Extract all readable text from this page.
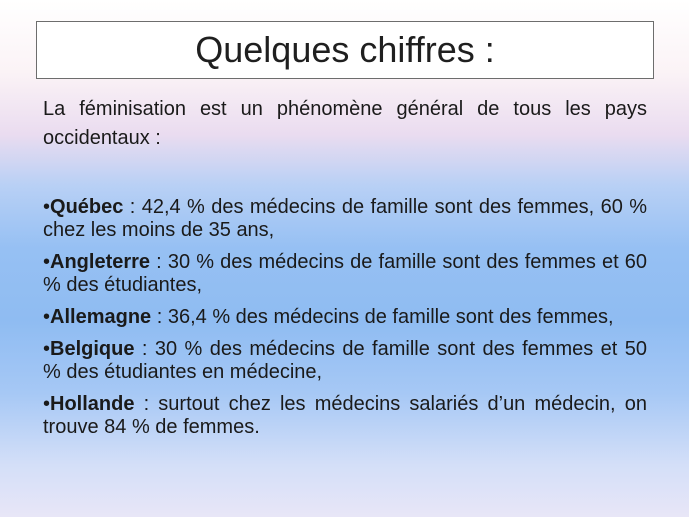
Quelques chiffres :
La féminisation est un phénomène général de tous les pays occidentaux :
•Québec : 42,4 % des médecins de famille sont des femmes, 60 % chez les moins de 35 ans,
•Angleterre : 30 % des médecins de famille sont des femmes et 60 % des étudiantes,
•Allemagne : 36,4 % des médecins de famille sont des femmes,
•Belgique : 30 % des médecins de famille sont des femmes et 50 % des étudiantes en médecine,
•Hollande : surtout chez les médecins salariés d’un médecin, on trouve 84 % de femmes.
